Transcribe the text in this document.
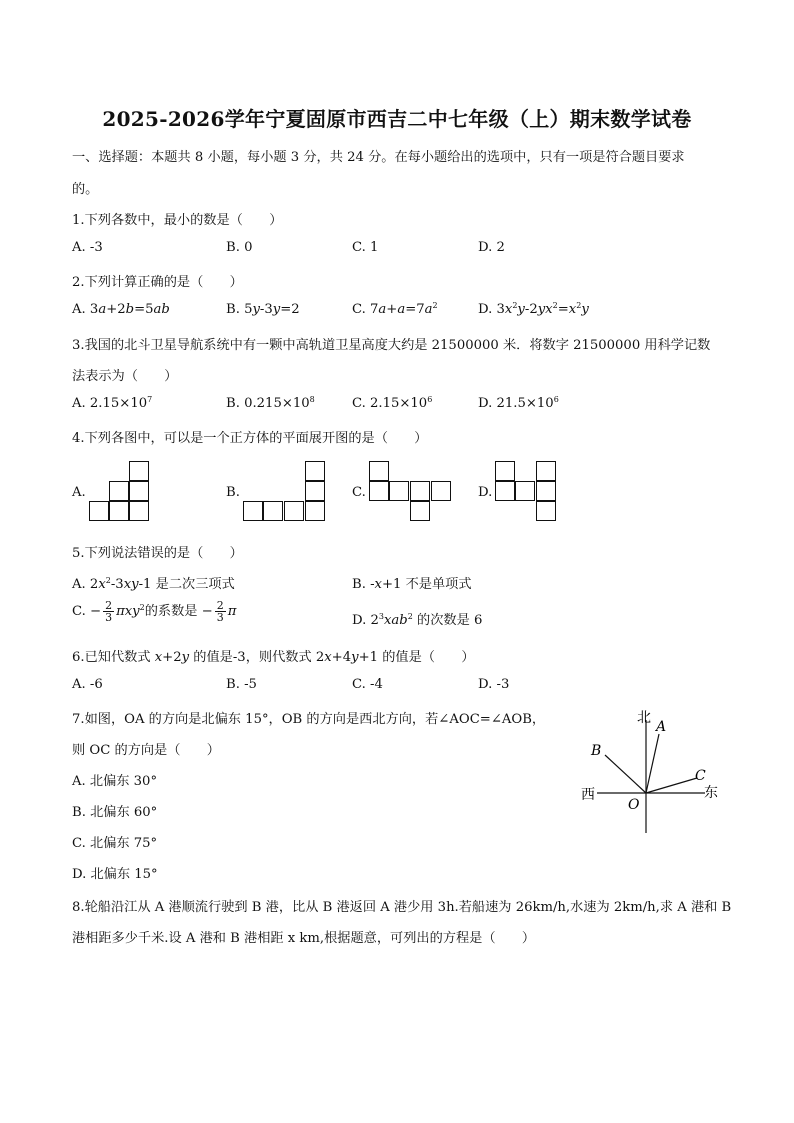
2025-2026学年宁夏固原市西吉二中七年级（上）期末数学试卷
一、选择题：本题共 8 小题，每小题 3 分，共 24 分。在每小题给出的选项中，只有一项是符合题目要求
的。
1.下列各数中，最小的数是（　　）
A. -3	B. 0	C. 1	D. 2
2.下列计算正确的是（　　）
A. 3a+2b=5ab	B. 5y-3y=2	C. $7a+a=7a^2$	D. $3x^2y-2yx^2=x^2y$
3.我国的北斗卫星导航系统中有一颗中高轨道卫星高度大约是 21500000 米．将数字 21500000 用科学记数
法表示为（　　）
A. $2.15\times 10^7$	B. $0.215\times 10^8$	C. $2.15\times 10^6$	D. $21.5\times 10^6$
4.下列各图中，可以是一个正方体的平面展开图的是（　　）
A.	B.	C.	D.
5.下列说法错误的是（　　）
A. $2x^2-3xy-1$ 是二次三项式	B. -x+1 不是单项式
C. − $\frac{2}{3} \pi xy^2$的系数是 − $\frac{2}{3}$ π
D. $2^3xab^2$ 的次数是 6
6.已知代数式 x+2y 的值是-3，则代数式 2x+4y+1 的值是（　　）
A. -6	B. -5	C. -4	D. -3
7.如图，OA 的方向是北偏东 15°，OB 的方向是西北方向，若∠AOC=∠AOB，
则 OC 的方向是（　　）
A. 北偏东 30°
B. 北偏东 60°
C. 北偏东 75°
D. 北偏东 15°
北
A
B
C
西	东
O
8.轮船沿江从 A 港顺流行驶到 B 港，比从 B 港返回 A 港少用 3h.若船速为 26km/h,水速为 2km/h,求 A 港和 B
港相距多少千米.设 A 港和 B 港相距 x km,根据题意，可列出的方程是（　　）
